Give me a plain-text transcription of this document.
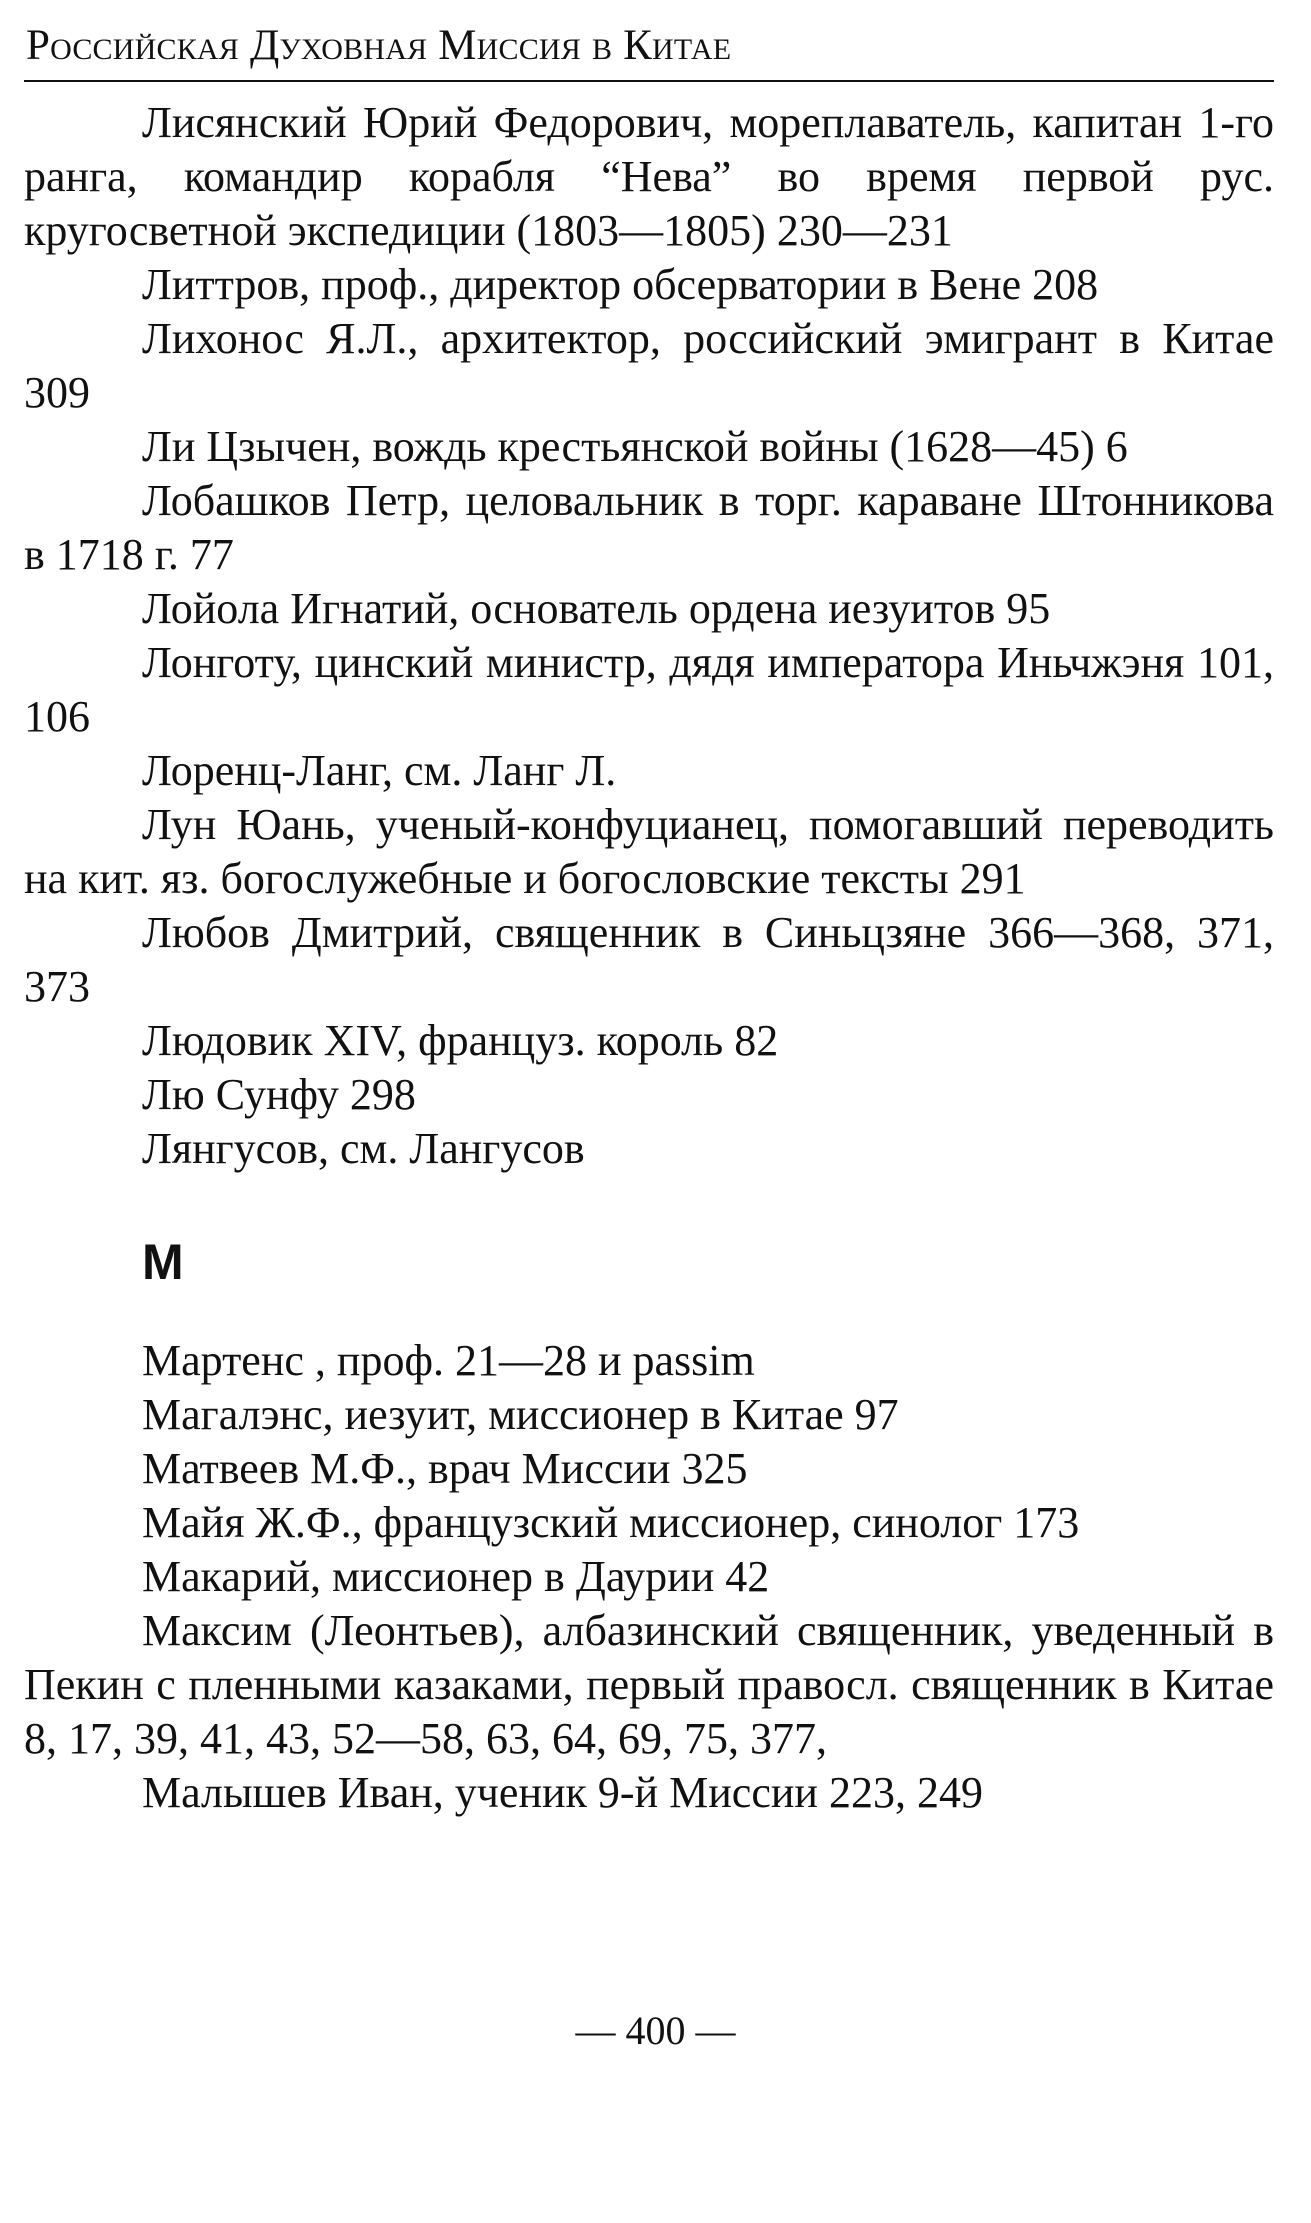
Российская Духовная Миссия в Китае

Лисянский Юрий Федорович, мореплаватель, капитан 1-го ранга, командир корабля “Нева” во время первой рус. кругосветной экспедиции (1803—1805) 230—231

Литтров, проф., директор обсерватории в Вене 208

Лихонос Я.Л., архитектор, российский эмигрант в Китае 309

Ли Цзычен, вождь крестьянской войны (1628—45) 6

Лобашков Петр, целовальник в торг. караване Штонникова в 1718 г. 77

Лойола Игнатий, основатель ордена иезуитов 95

Лонготу, цинский министр, дядя императора Иньчжэня 101, 106

Лоренц-Ланг, см. Ланг Л.

Лун Юань, ученый-конфуцианец, помогавший переводить на кит. яз. богослужебные и богословские тексты 291

Любов Дмитрий, священник в Синьцзяне 366—368, 371, 373

Людовик XIV, француз. король 82

Лю Сунфу 298

Лянгусов, см. Лангусов

М

Мартенс , проф. 21—28 и passim

Магалэнс, иезуит, миссионер в Китае 97

Матвеев М.Ф., врач Миссии 325

Майя Ж.Ф., французский миссионер, синолог 173

Макарий, миссионер в Даурии 42

Максим (Леонтьев), албазинский священник, уведенный в Пекин с пленными казаками, первый правосл. священник в Китае 8, 17, 39, 41, 43, 52—58, 63, 64, 69, 75, 377,

Малышев Иван, ученик 9-й Миссии 223, 249

— 400 —
